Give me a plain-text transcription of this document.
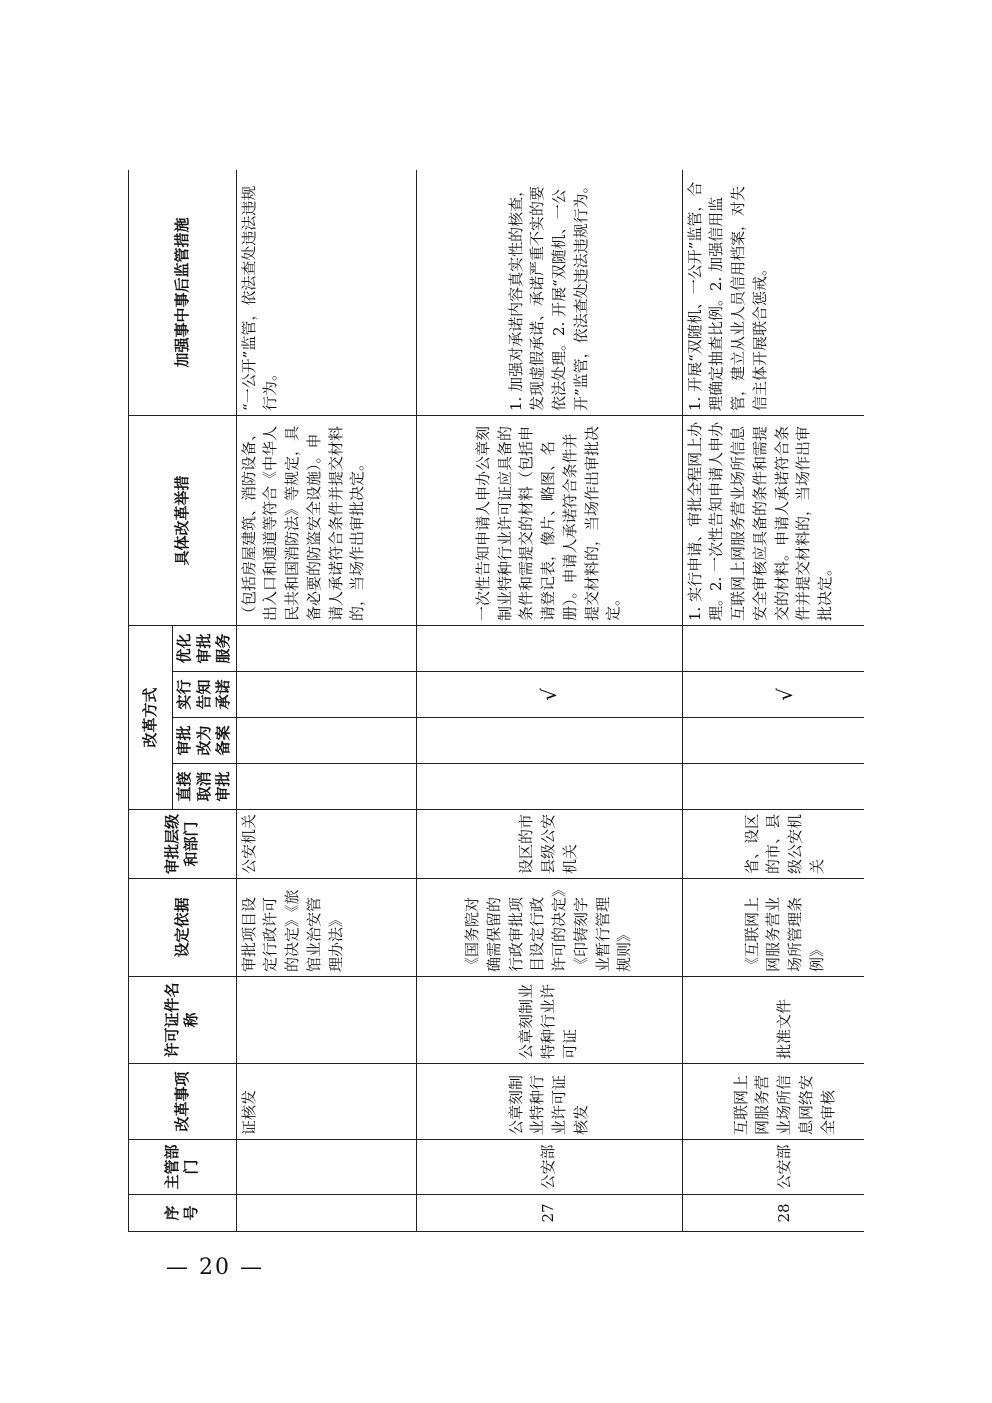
序号	主管部门	改革事项	许可证件名称	设定依据	审批层级和部门	改革方式				具体改革举措	加强事中事后监管措施
						直接取消审批	审批改为备案	实行告知承诺	优化审批服务		
		证核发		审批项目设定行政许可的决定》《旅馆业治安管理办法》	公安机关					（包括房屋建筑、消防设备、出入口和通道等符合《中华人民共和国消防法》等规定，具备必要的防盗安全设施）。申请人承诺符合条件并提交材料的，当场作出审批决定。	“一公开”监管，依法查处违法违规行为。
27	公安部	公章刻制业特种行业许可证核发	公章刻制业特种行业许可证	《国务院对确需保留的行政审批项目设定行政许可的决定》《印铸刻字业暂行管理规则》	设区的市县级公安机关			√		一次性告知申请人申办公章刻制业特种行业许可证应具备的条件和需提交的材料（包括申请登记表，像片、略图、名册）。申请人承诺符合条件并提交材料的，当场作出审批决定。	1. 加强对承诺内容真实性的核查，发现虚假承诺、承诺严重不实的要依法处理。2. 开展“双随机、一公开”监管，依法查处违法违规行为。
28	公安部	互联网上网服务营业场所信息网络安全审核	批准文件	《互联网上网服务营业场所管理条例》	省、设区的市、县级公安机关			√		1. 实行申请、审批全程网上办理。2. 一次性告知申请人申办互联网上网服务营业场所信息安全审核应具备的条件和需提交的材料。申请人承诺符合条件并提交材料的，当场作出审批决定。	1. 开展“双随机、一公开”监管，合理确定抽查比例。2. 加强信用监管，建立从业人员信用档案，对失信主体开展联合惩戒。
— 20 —
